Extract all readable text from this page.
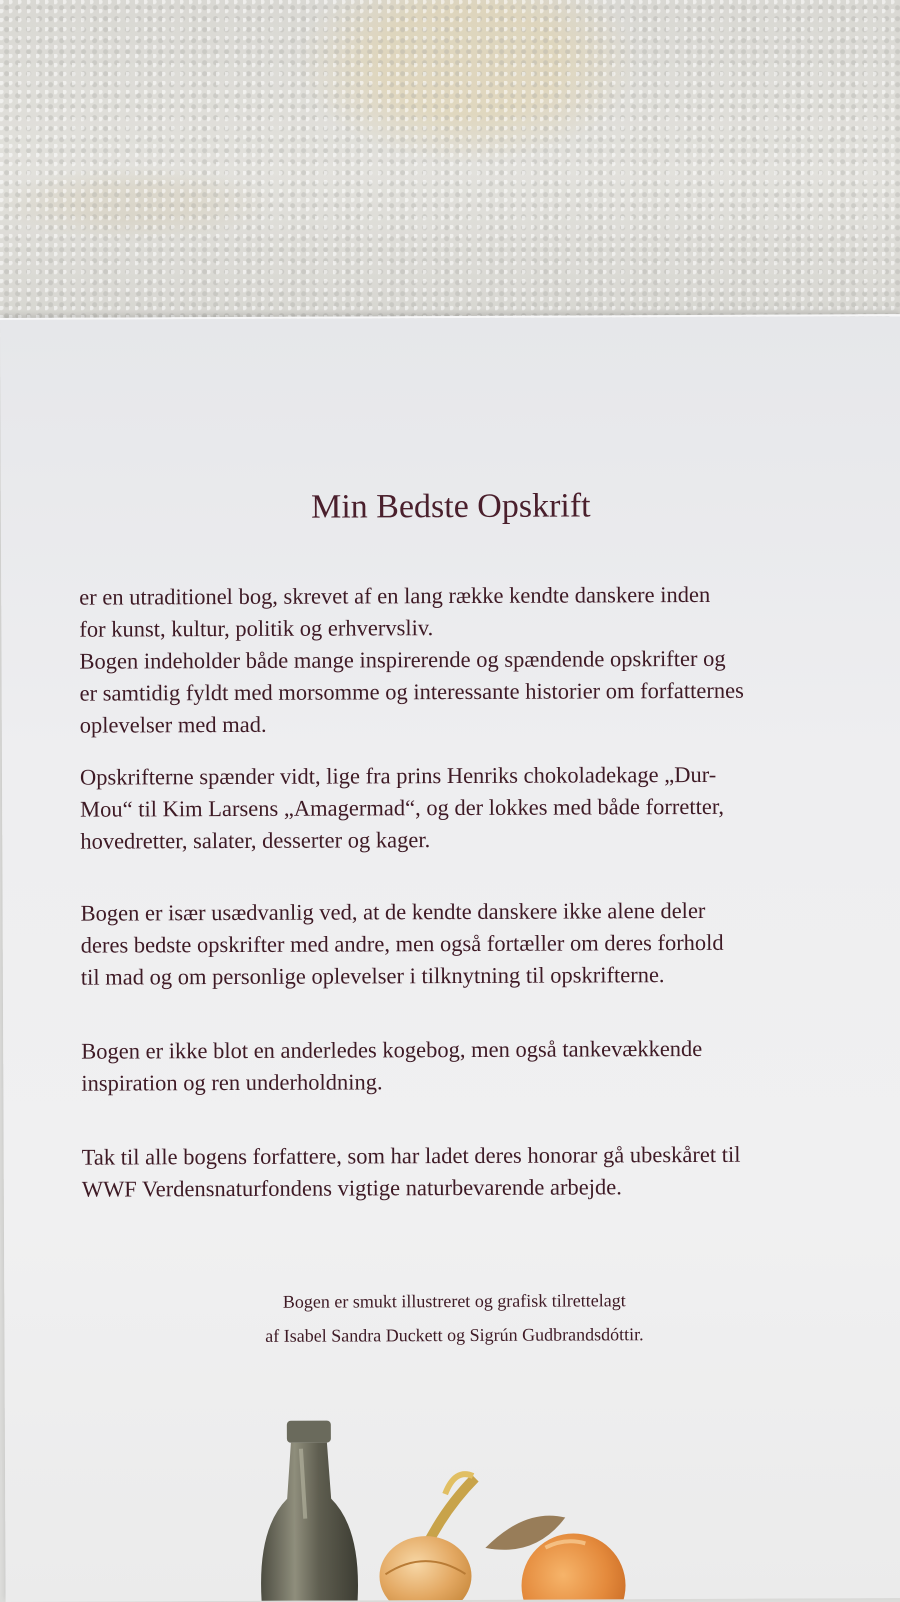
Min Bedste Opskrift
er en utraditionel bog, skrevet af en lang række kendte danskere inden
for kunst, kultur, politik og erhvervsliv.
Bogen indeholder både mange inspirerende og spændende opskrifter og
er samtidig fyldt med morsomme og interessante historier om forfatternes
oplevelser med mad.
Opskrifterne spænder vidt, lige fra prins Henriks chokoladekage „Dur-
Mou“ til Kim Larsens „Amagermad“, og der lokkes med både forretter,
hovedretter, salater, desserter og kager.
Bogen er især usædvanlig ved, at de kendte danskere ikke alene deler
deres bedste opskrifter med andre, men også fortæller om deres forhold
til mad og om personlige oplevelser i tilknytning til opskrifterne.
Bogen er ikke blot en anderledes kogebog, men også tankevækkende
inspiration og ren underholdning.
Tak til alle bogens forfattere, som har ladet deres honorar gå ubeskåret til
WWF Verdensnaturfondens vigtige naturbevarende arbejde.
Bogen er smukt illustreret og grafisk tilrettelagt
af Isabel Sandra Duckett og Sigrún Gudbrandsdóttir.
